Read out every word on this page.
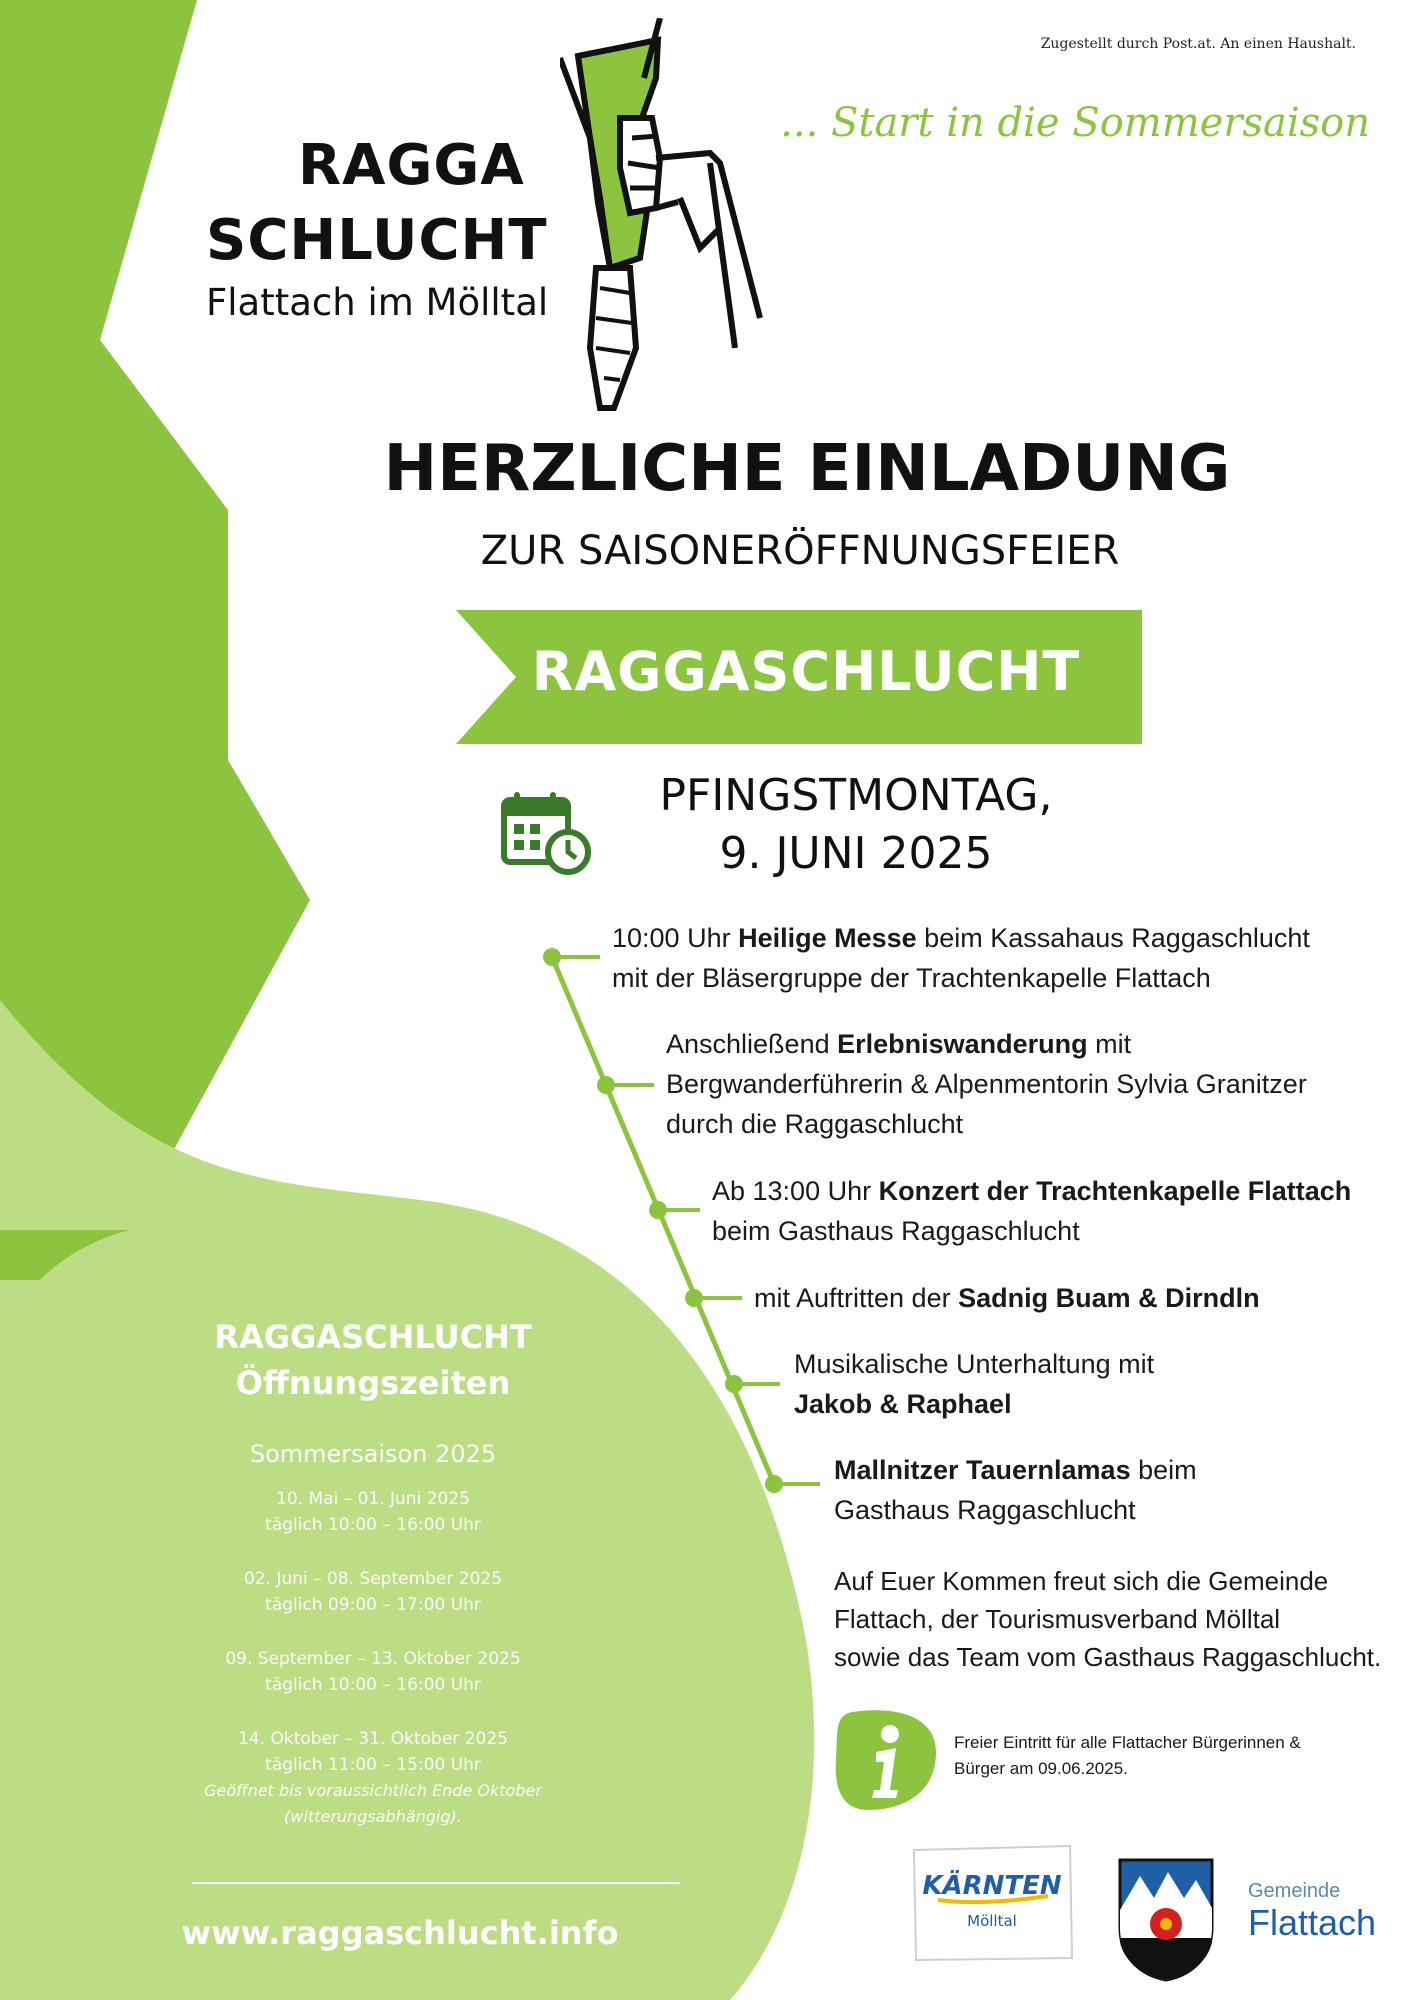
Zugestellt durch Post.at. An einen Haushalt.
... Start in die Sommersaison
RAGGA
SCHLUCHT
Flattach im Mölltal
HERZLICHE EINLADUNG
ZUR SAISONERÖFFNUNGSFEIER
RAGGASCHLUCHT
PFINGSTMONTAG,
9. JUNI 2025
10:00 Uhr Heilige Messe beim Kassahaus Raggaschlucht
mit der Bläsergruppe der Trachtenkapelle Flattach
Anschließend Erlebniswanderung mit
Bergwanderführerin & Alpenmentorin Sylvia Granitzer
durch die Raggaschlucht
Ab 13:00 Uhr Konzert der Trachtenkapelle Flattach
beim Gasthaus Raggaschlucht
mit Auftritten der Sadnig Buam & Dirndln
Musikalische Unterhaltung mit
Jakob & Raphael
Mallnitzer Tauernlamas beim
Gasthaus Raggaschlucht
Auf Euer Kommen freut sich die Gemeinde
Flattach, der Tourismusverband Mölltal
sowie das Team vom Gasthaus Raggaschlucht.
Freier Eintritt für alle Flattacher Bürgerinnen &
Bürger am 09.06.2025.
RAGGASCHLUCHT
Öffnungszeiten
Sommersaison 2025
10. Mai – 01. Juni 2025
täglich 10:00 – 16:00 Uhr
02. Juni – 08. September 2025
täglich 09:00 – 17:00 Uhr
09. September – 13. Oktober 2025
täglich 10:00 – 16:00 Uhr
14. Oktober – 31. Oktober 2025
täglich 11:00 – 15:00 Uhr
Geöffnet bis voraussichtlich Ende Oktober
(witterungsabhängig).
www.raggaschlucht.info
KÄRNTEN
Mölltal
Gemeinde
Flattach
